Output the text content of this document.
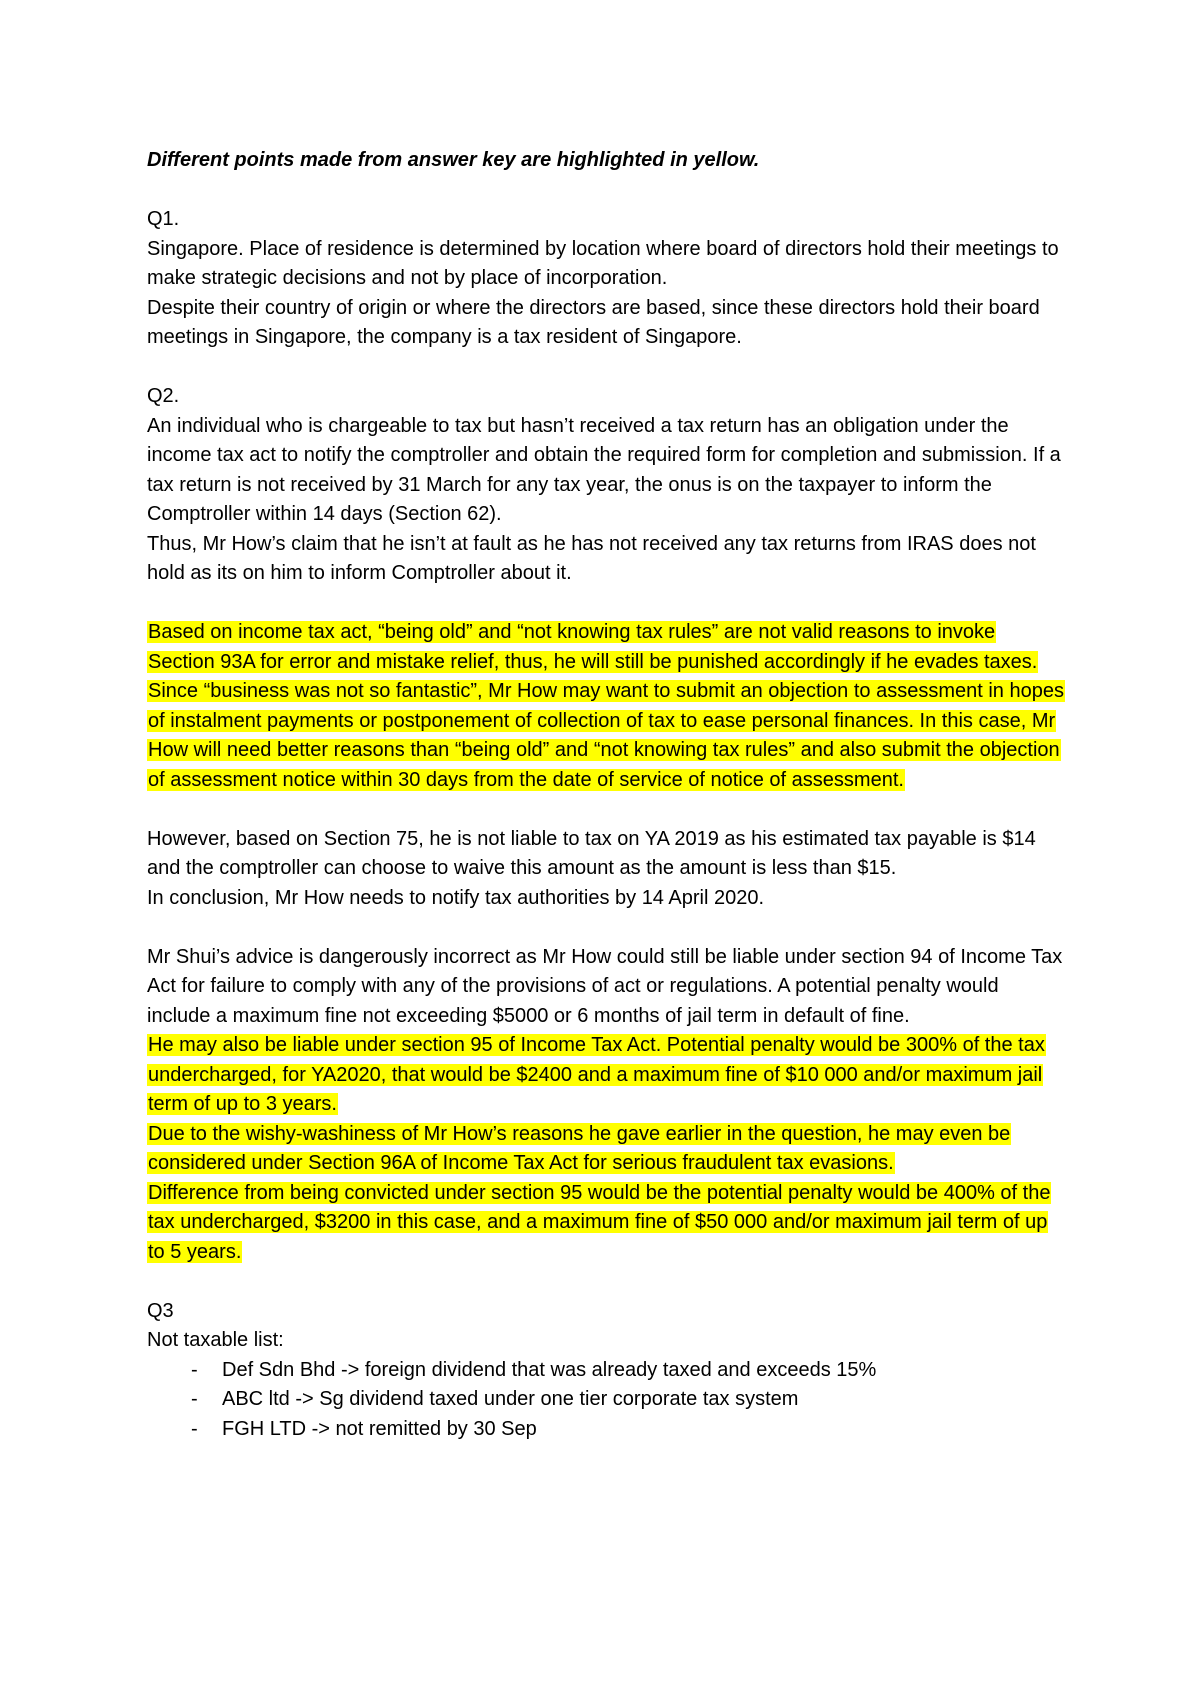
Different points made from answer key are highlighted in yellow.

Q1.

Singapore. Place of residence is determined by location where board of directors hold their meetings to make strategic decisions and not by place of incorporation.

Despite their country of origin or where the directors are based, since these directors hold their board meetings in Singapore, the company is a tax resident of Singapore.

Q2.

An individual who is chargeable to tax but hasn’t received a tax return has an obligation under the income tax act to notify the comptroller and obtain the required form for completion and submission. If a tax return is not received by 31 March for any tax year, the onus is on the taxpayer to inform the Comptroller within 14 days (Section 62).

Thus, Mr How’s claim that he isn’t at fault as he has not received any tax returns from IRAS does not hold as its on him to inform Comptroller about it.

Based on income tax act, “being old” and “not knowing tax rules” are not valid reasons to invoke Section 93A for error and mistake relief, thus, he will still be punished accordingly if he evades taxes.

Since “business was not so fantastic”, Mr How may want to submit an objection to assessment in hopes of instalment payments or postponement of collection of tax to ease personal finances. In this case, Mr How will need better reasons than “being old” and “not knowing tax rules” and also submit the objection of assessment notice within 30 days from the date of service of notice of assessment.

However, based on Section 75, he is not liable to tax on YA 2019 as his estimated tax payable is $14 and the comptroller can choose to waive this amount as the amount is less than $15.

In conclusion, Mr How needs to notify tax authorities by 14 April 2020.

Mr Shui’s advice is dangerously incorrect as Mr How could still be liable under section 94 of Income Tax Act for failure to comply with any of the provisions of act or regulations. A potential penalty would include a maximum fine not exceeding $5000 or 6 months of jail term in default of fine.

He may also be liable under section 95 of Income Tax Act. Potential penalty would be 300% of the tax undercharged, for YA2020, that would be $2400 and a maximum fine of $10 000 and/or maximum jail term of up to 3 years.

Due to the wishy-washiness of Mr How’s reasons he gave earlier in the question, he may even be considered under Section 96A of Income Tax Act for serious fraudulent tax evasions.

Difference from being convicted under section 95 would be the potential penalty would be 400% of the tax undercharged, $3200 in this case, and a maximum fine of $50 000 and/or maximum jail term of up to 5 years.

Q3

Not taxable list:

- Def Sdn Bhd -> foreign dividend that was already taxed and exceeds 15%
- ABC ltd -> Sg dividend taxed under one tier corporate tax system
- FGH LTD -> not remitted by 30 Sep
